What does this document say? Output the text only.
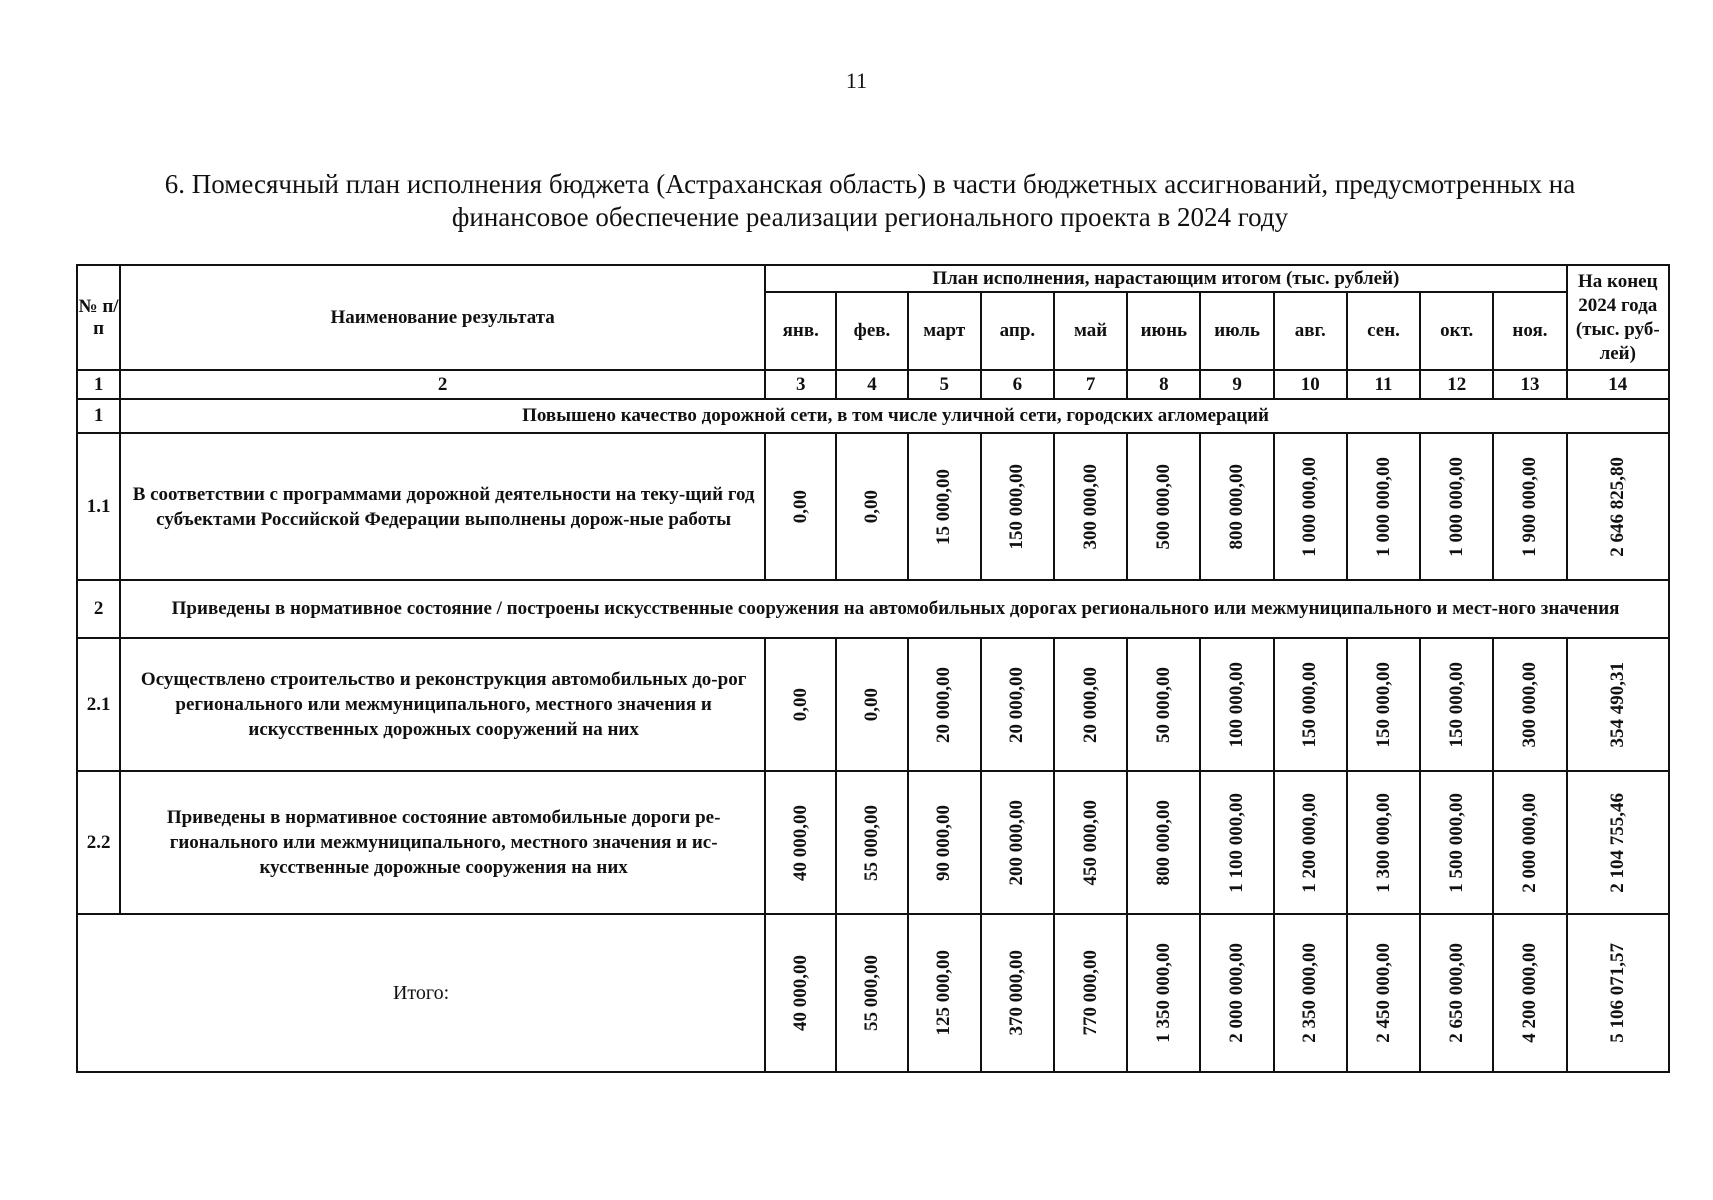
11
6. Помесячный план исполнения бюджета (Астраханская область) в части бюджетных ассигнований, предусмотренных на
финансовое обеспечение реализации регионального проекта в 2024 году
№ п/п	Наименование результата	План исполнения, нарастающим итогом (тыс. рублей)											На конец 2024 года (тыс. руб-лей)
		янв.	фев.	март	апр.	май	июнь	июль	авг.	сен.	окт.	ноя.	
1	2	3	4	5	6	7	8	9	10	11	12	13	14
1	Повышено качество дорожной сети, в том числе уличной сети, городских агломераций												
1.1	В соответствии с программами дорожной деятельности на теку-щий год субъектами Российской Федерации выполнены дорож-ные работы	0,00	0,00	15 000,00	150 000,00	300 000,00	500 000,00	800 000,00	1 000 000,00	1 000 000,00	1 000 000,00	1 900 000,00	2 646 825,80

2	Приведены в нормативное состояние / построены искусственные сооружения на автомобильных дорогах регионального или межмуниципального и мест-ного значения												
2.1	Осуществлено строительство и реконструкция автомобильных до-рог регионального или межмуниципального, местного значения и искусственных дорожных сооружений на них	0,00	0,00	20 000,00	20 000,00	20 000,00	50 000,00	100 000,00	150 000,00	150 000,00	150 000,00	300 000,00	354 490,31

2.2	Приведены в нормативное состояние автомобильные дороги ре-гионального или межмуниципального, местного значения и ис-кусственные дорожные сооружения на них	40 000,00	55 000,00	90 000,00	200 000,00	450 000,00	800 000,00	1 100 000,00	1 200 000,00	1 300 000,00	1 500 000,00	2 000 000,00	2 104 755,46

Итого:		40 000,00	55 000,00	125 000,00	370 000,00	770 000,00	1 350 000,00	2 000 000,00	2 350 000,00	2 450 000,00	2 650 000,00	4 200 000,00	5 106 071,57
